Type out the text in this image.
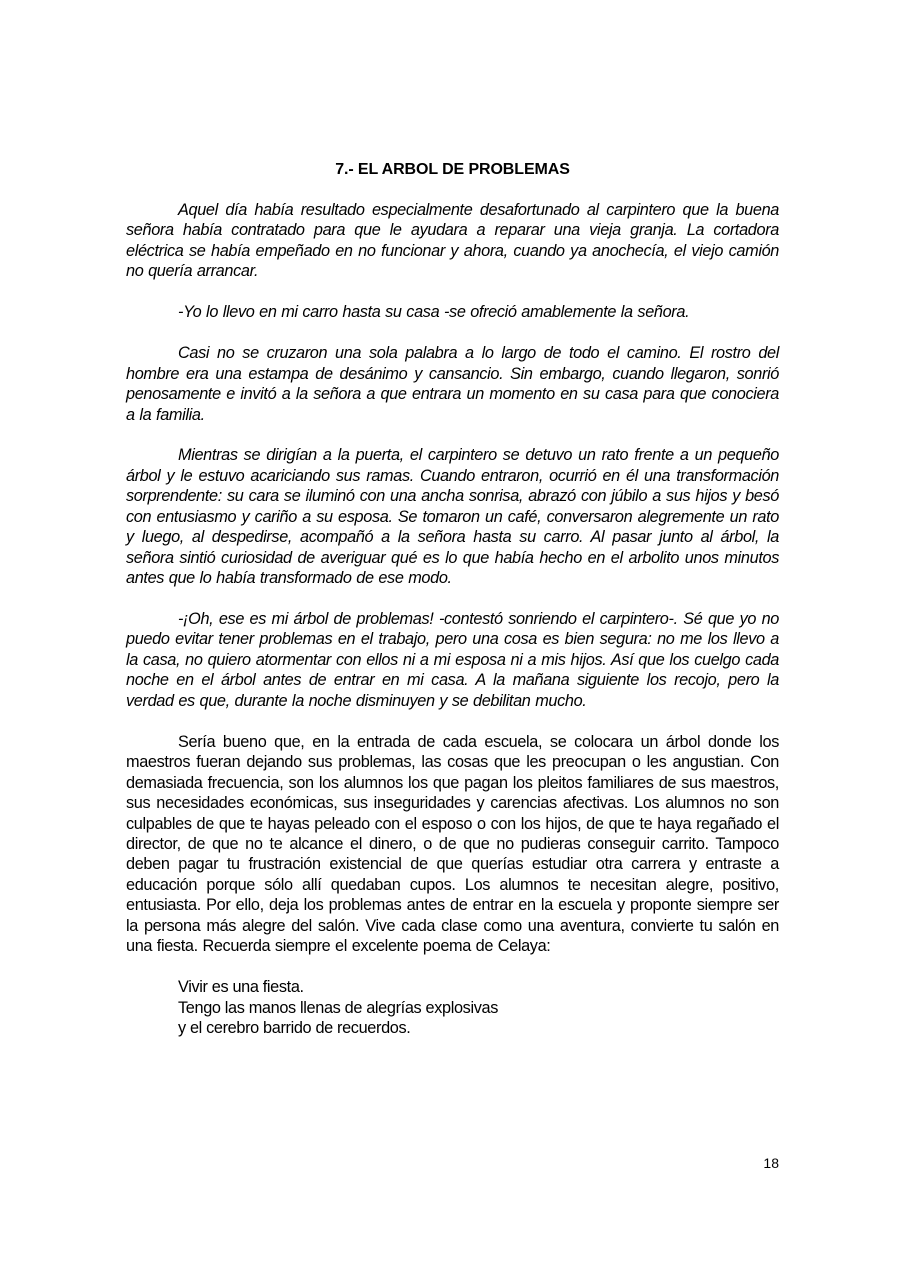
7.- EL ARBOL DE PROBLEMAS

Aquel día había resultado especialmente desafortunado al carpintero que la buena señora había contratado para que le ayudara a reparar una vieja granja. La cortadora eléctrica se había empeñado en no funcionar y ahora, cuando ya anochecía, el viejo camión no quería arrancar.

-Yo lo llevo en mi carro hasta su casa -se ofreció amablemente la señora.

Casi no se cruzaron una sola palabra a lo largo de todo el camino. El rostro del hombre era una estampa de desánimo y cansancio. Sin embargo, cuando llegaron, sonrió penosamente e invitó a la señora a que entrara un momento en su casa para que conociera a la familia.

Mientras se dirigían a la puerta, el carpintero se detuvo un rato frente a un pequeño árbol y le estuvo acariciando sus ramas. Cuando entraron, ocurrió en él una transformación sorprendente: su cara se iluminó con una ancha sonrisa, abrazó con júbilo a sus hijos y besó con entusiasmo y cariño a su esposa. Se tomaron un café, conversaron alegremente un rato y luego, al despedirse, acompañó a la señora hasta su carro. Al pasar junto al árbol, la señora sintió curiosidad de averiguar qué es lo que había hecho en el arbolito unos minutos antes que lo había transformado de ese modo.

-¡Oh, ese es mi árbol de problemas! -contestó sonriendo el carpintero-. Sé que yo no puedo evitar tener problemas en el trabajo, pero una cosa es bien segura: no me los llevo a la casa, no quiero atormentar con ellos ni a mi esposa ni a mis hijos. Así que los cuelgo cada noche en el árbol antes de entrar en mi casa. A la mañana siguiente los recojo, pero la verdad es que, durante la noche disminuyen y se debilitan mucho.

Sería bueno que, en la entrada de cada escuela, se colocara un árbol donde los maestros fueran dejando sus problemas, las cosas que les preocupan o les angustian. Con demasiada frecuencia, son los alumnos los que pagan los pleitos familiares de sus maestros, sus necesidades económicas, sus inseguridades y carencias afectivas. Los alumnos no son culpables de que te hayas peleado con el esposo o con los hijos, de que te haya regañado el director, de que no te alcance el dinero, o de que no pudieras conseguir carrito. Tampoco deben pagar tu frustración existencial de que querías estudiar otra carrera y entraste a educación porque sólo allí quedaban cupos. Los alumnos te necesitan alegre, positivo, entusiasta. Por ello, deja los problemas antes de entrar en la escuela y proponte siempre ser la persona más alegre del salón. Vive cada clase como una aventura, convierte tu salón en una fiesta. Recuerda siempre el excelente poema de Celaya:

Vivir es una fiesta.
Tengo las manos llenas de alegrías explosivas
y el cerebro barrido de recuerdos.
18
